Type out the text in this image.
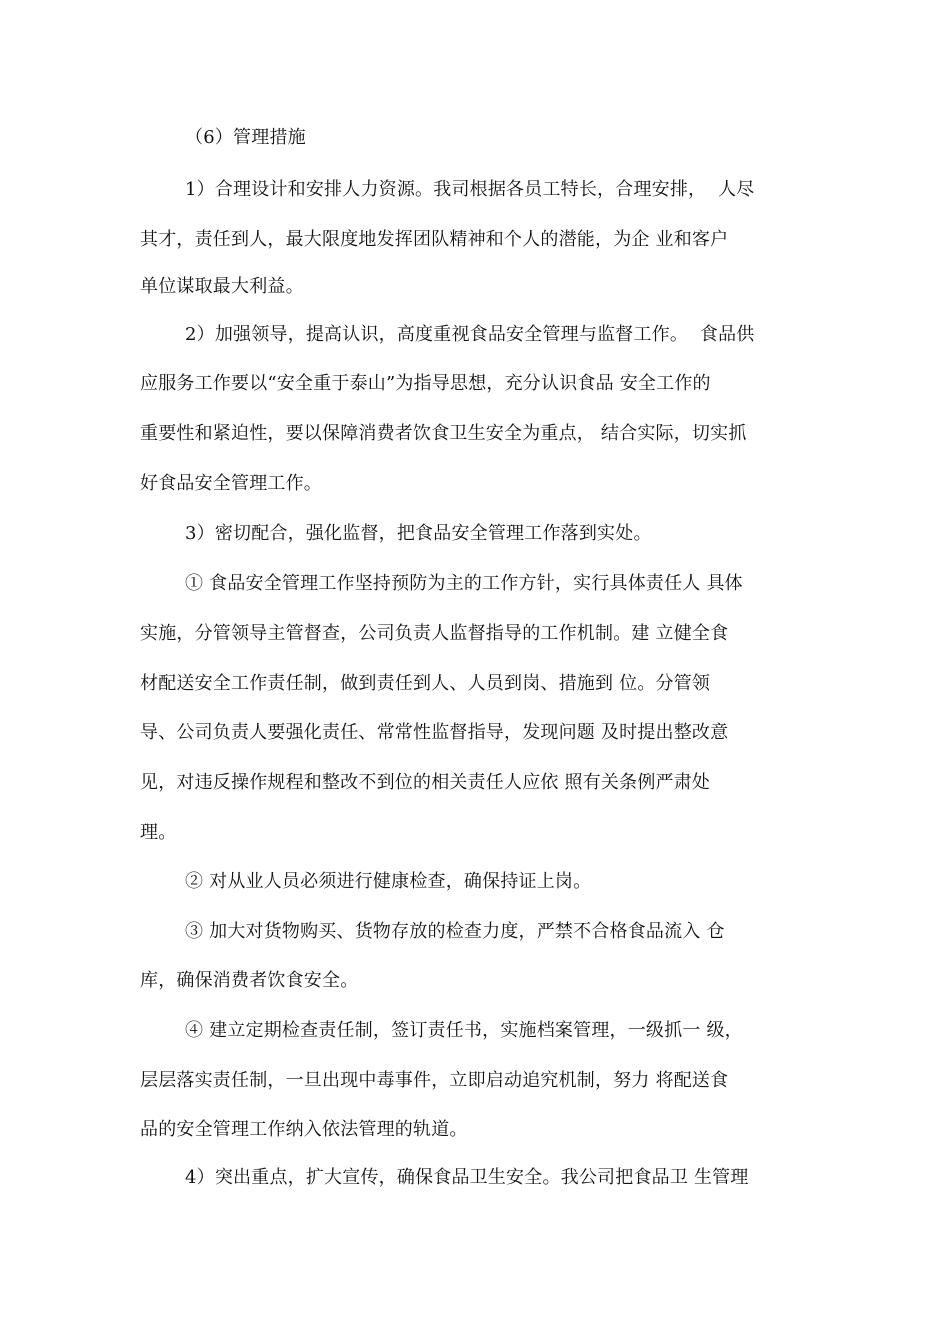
（6）管理措施
1）合理设计和安排人力资源。我司根据各员工特长，合理安排，  人尽
其才，责任到人，最大限度地发挥团队精神和个人的潜能，为企 业和客户
单位谋取最大利益。
2）加强领导，提高认识，高度重视食品安全管理与监督工作。  食品供
应服务工作要以“安全重于泰山”为指导思想，充分认识食品 安全工作的
重要性和紧迫性，要以保障消费者饮食卫生安全为重点， 结合实际，切实抓
好食品安全管理工作。
3）密切配合，强化监督，把食品安全管理工作落到实处。
① 食品安全管理工作坚持预防为主的工作方针，实行具体责任人 具体
实施，分管领导主管督查，公司负责人监督指导的工作机制。建 立健全食
材配送安全工作责任制，做到责任到人、人员到岗、措施到 位。分管领
导、公司负责人要强化责任、常常性监督指导，发现问题 及时提出整改意
见，对违反操作规程和整改不到位的相关责任人应依 照有关条例严肃处
理。
② 对从业人员必须进行健康检查，确保持证上岗。
③ 加大对货物购买、货物存放的检查力度，严禁不合格食品流入 仓
库，确保消费者饮食安全。
④ 建立定期检查责任制，签订责任书，实施档案管理，一级抓一 级，
层层落实责任制，一旦出现中毒事件，立即启动追究机制，努力 将配送食
品的安全管理工作纳入依法管理的轨道。
4）突出重点，扩大宣传，确保食品卫生安全。我公司把食品卫 生管理
